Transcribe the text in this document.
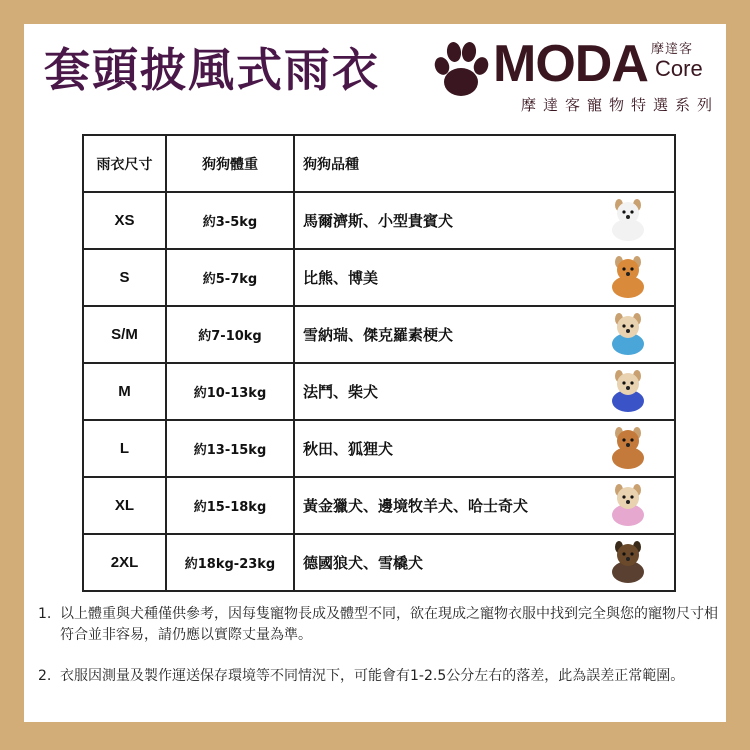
套頭披風式雨衣 MODA 摩達客
Core
摩達客寵物特選系列
雨衣尺寸	狗狗體重	狗狗品種
XS	約3-5kg	馬爾濟斯、小型貴賓犬

S	約5-7kg	比熊、博美

S/M	約7-10kg	雪納瑞、傑克羅素梗犬

M	約10-13kg	法鬥、柴犬

L	約13-15kg	秋田、狐狸犬

XL	約15-18kg	黃金獵犬、邊境牧羊犬、哈士奇犬

2XL	約18kg-23kg	德國狼犬、雪橇犬
1. 以上體重與犬種僅供參考，因每隻寵物長成及體型不同，欲在現成之寵物衣服中找到完全與您的寵物尺寸相符合並非容易，請仍應以實際丈量為準。
2. 衣服因測量及製作運送保存環境等不同情況下，可能會有1-2.5公分左右的落差，此為誤差正常範圍。
